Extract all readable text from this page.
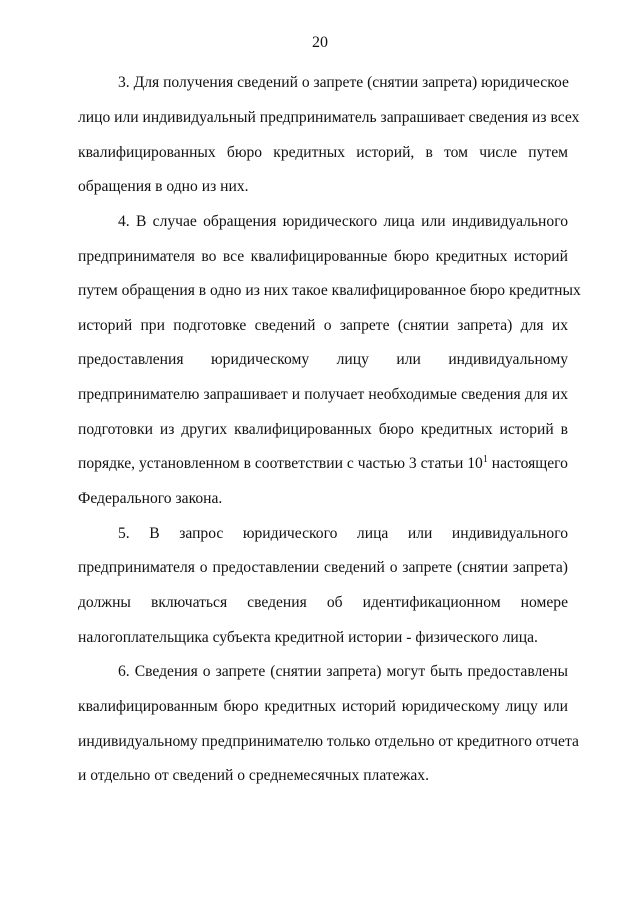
20
3. Для получения сведений о запрете (снятии запрета) юридическое
лицо или индивидуальный предприниматель запрашивает сведения из всех
квалифицированных бюро кредитных историй, в том числе путем
обращения в одно из них.
4. В случае обращения юридического лица или индивидуального
предпринимателя во все квалифицированные бюро кредитных историй
путем обращения в одно из них такое квалифицированное бюро кредитных
историй при подготовке сведений о запрете (снятии запрета) для их
предоставления юридическому лицу или индивидуальному
предпринимателю запрашивает и получает необходимые сведения для их
подготовки из других квалифицированных бюро кредитных историй в
порядке, установленном в соответствии с частью 3 статьи $10^1$ настоящего
Федерального закона.
5. В запрос юридического лица или индивидуального
предпринимателя о предоставлении сведений о запрете (снятии запрета)
должны включаться сведения об идентификационном номере
налогоплательщика субъекта кредитной истории - физического лица.
6. Сведения о запрете (снятии запрета) могут быть предоставлены
квалифицированным бюро кредитных историй юридическому лицу или
индивидуальному предпринимателю только отдельно от кредитного отчета
и отдельно от сведений о среднемесячных платежах.
